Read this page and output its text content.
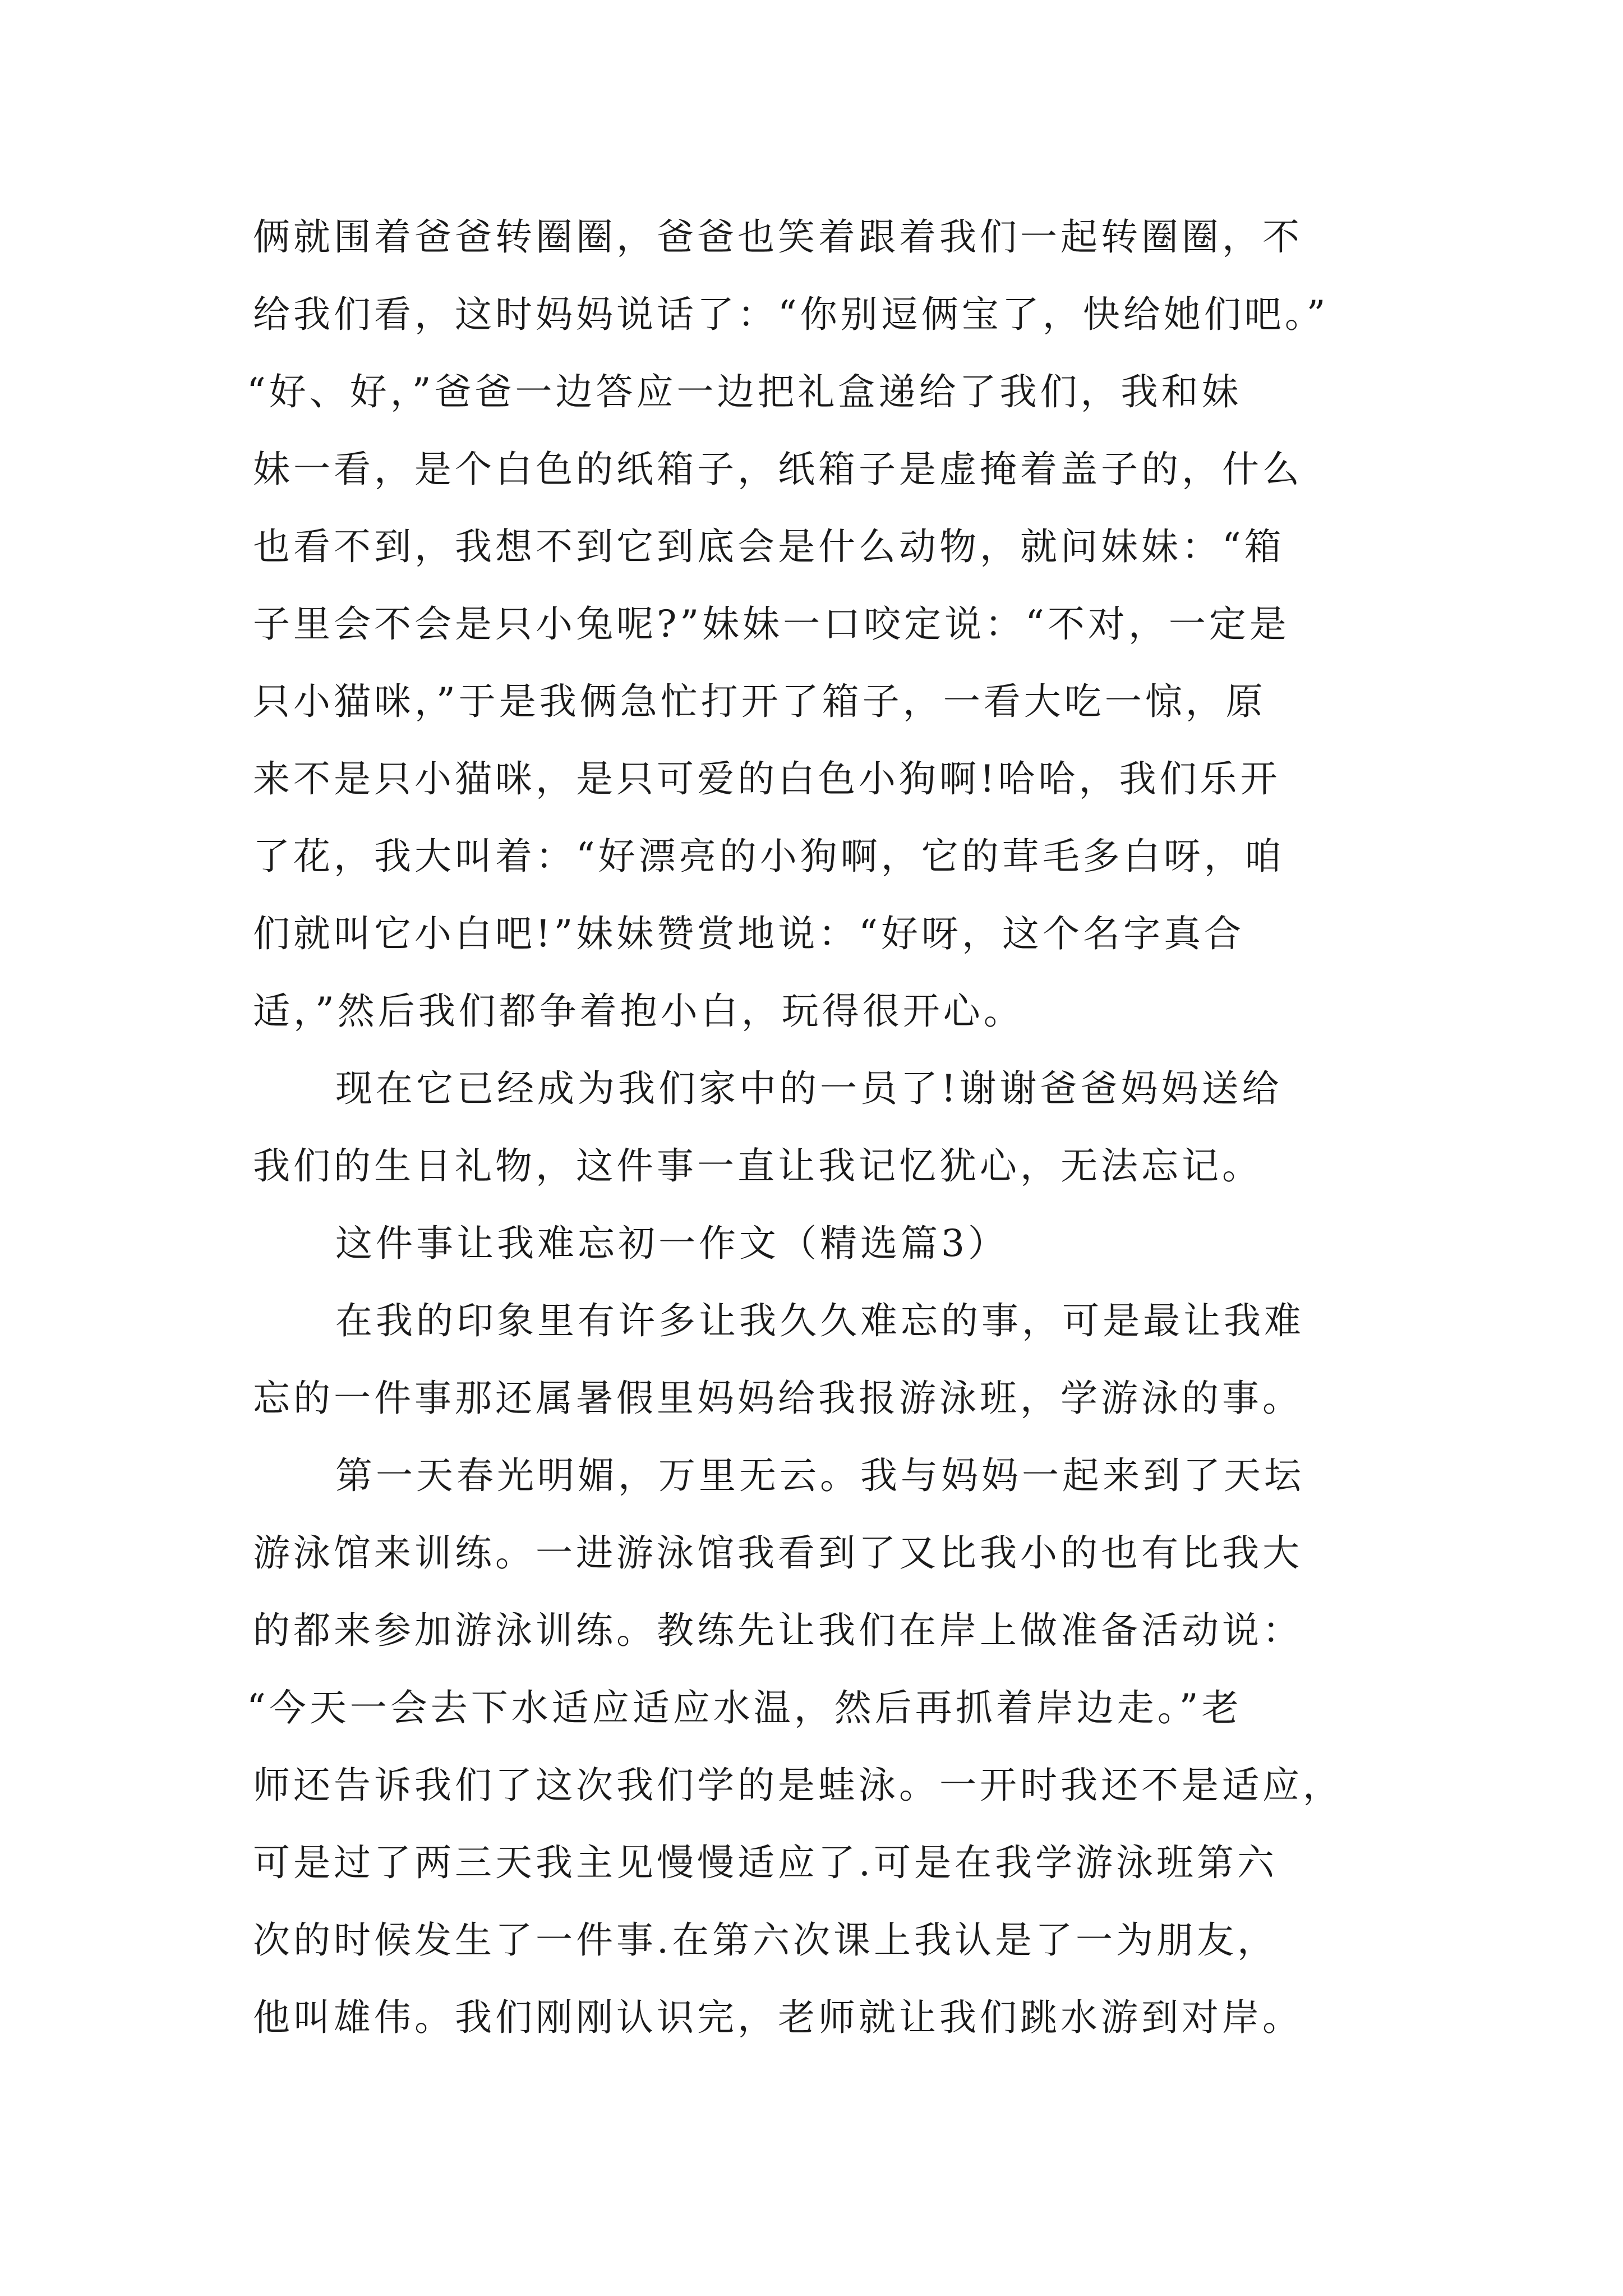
俩就围着爸爸转圈圈，爸爸也笑着跟着我们一起转圈圈，不
给我们看，这时妈妈说话了：“你别逗俩宝了，快给她们吧。”
“好、好，”爸爸一边答应一边把礼盒递给了我们，我和妹
妹一看，是个白色的纸箱子，纸箱子是虚掩着盖子的，什么
也看不到，我想不到它到底会是什么动物，就问妹妹：“箱
子里会不会是只小兔呢?”妹妹一口咬定说：“不对，一定是
只小猫咪，”于是我俩急忙打开了箱子，一看大吃一惊，原
来不是只小猫咪，是只可爱的白色小狗啊!哈哈，我们乐开
了花，我大叫着：“好漂亮的小狗啊，它的茸毛多白呀，咱
们就叫它小白吧!”妹妹赞赏地说：“好呀，这个名字真合
适，”然后我们都争着抱小白，玩得很开心。
现在它已经成为我们家中的一员了!谢谢爸爸妈妈送给
我们的生日礼物，这件事一直让我记忆犹心，无法忘记。
这件事让我难忘初一作文（精选篇3）
在我的印象里有许多让我久久难忘的事，可是最让我难
忘的一件事那还属暑假里妈妈给我报游泳班，学游泳的事。
第一天春光明媚，万里无云。我与妈妈一起来到了天坛
游泳馆来训练。一进游泳馆我看到了又比我小的也有比我大
的都来参加游泳训练。教练先让我们在岸上做准备活动说：
“今天一会去下水适应适应水温，然后再抓着岸边走。”老
师还告诉我们了这次我们学的是蛙泳。一开时我还不是适应，
可是过了两三天我主见慢慢适应了.可是在我学游泳班第六
次的时候发生了一件事.在第六次课上我认是了一为朋友，
他叫雄伟。我们刚刚认识完，老师就让我们跳水游到对岸。
